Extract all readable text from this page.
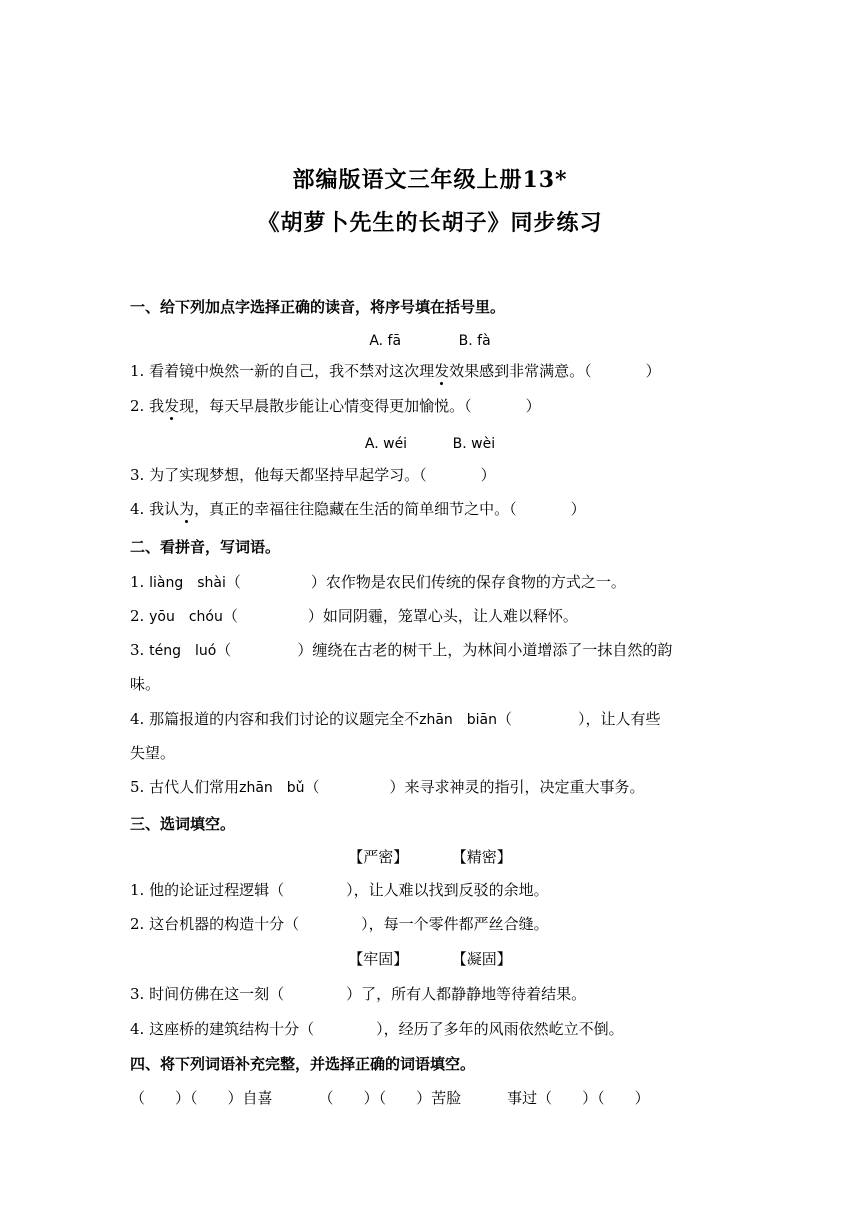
部编版语文三年级上册13*
《胡萝卜先生的长胡子》同步练习
一、给下列加点字选择正确的读音，将序号填在括号里。
A. fā	B. fà
1. 看着镜中焕然一新的自己，我不禁对这次理发效果感到非常满意。（	）
2. 我发现，每天早晨散步能让心情变得更加愉悦。（	）
A. wéi	B. wèi
3. 为了实现梦想，他每天都坚持早起学习。（	）
4. 我认为，真正的幸福往往隐藏在生活的简单细节之中。（	）
二、看拼音，写词语。
1. liàng　shài（	）农作物是农民们传统的保存食物的方式之一。
2. yōu　chóu（	）如同阴霾，笼罩心头，让人难以释怀。
3. téng　luó（	）缠绕在古老的树干上，为林间小道增添了一抹自然的韵
味。
4. 那篇报道的内容和我们讨论的议题完全不zhān　biān（	），让人有些
失望。
5. 古代人们常用zhān　bǔ（	）来寻求神灵的指引，决定重大事务。
三、选词填空。
【严密】	【精密】
1. 他的论证过程逻辑（	），让人难以找到反驳的余地。
2. 这台机器的构造十分（	），每一个零件都严丝合缝。
【牢固】	【凝固】
3. 时间仿佛在这一刻（	）了，所有人都静静地等待着结果。
4. 这座桥的建筑结构十分（	），经历了多年的风雨依然屹立不倒。
四、将下列词语补充完整，并选择正确的词语填空。
（ ）（ ）自喜	（ ）（ ）苦脸	事过（ ）（ ）
